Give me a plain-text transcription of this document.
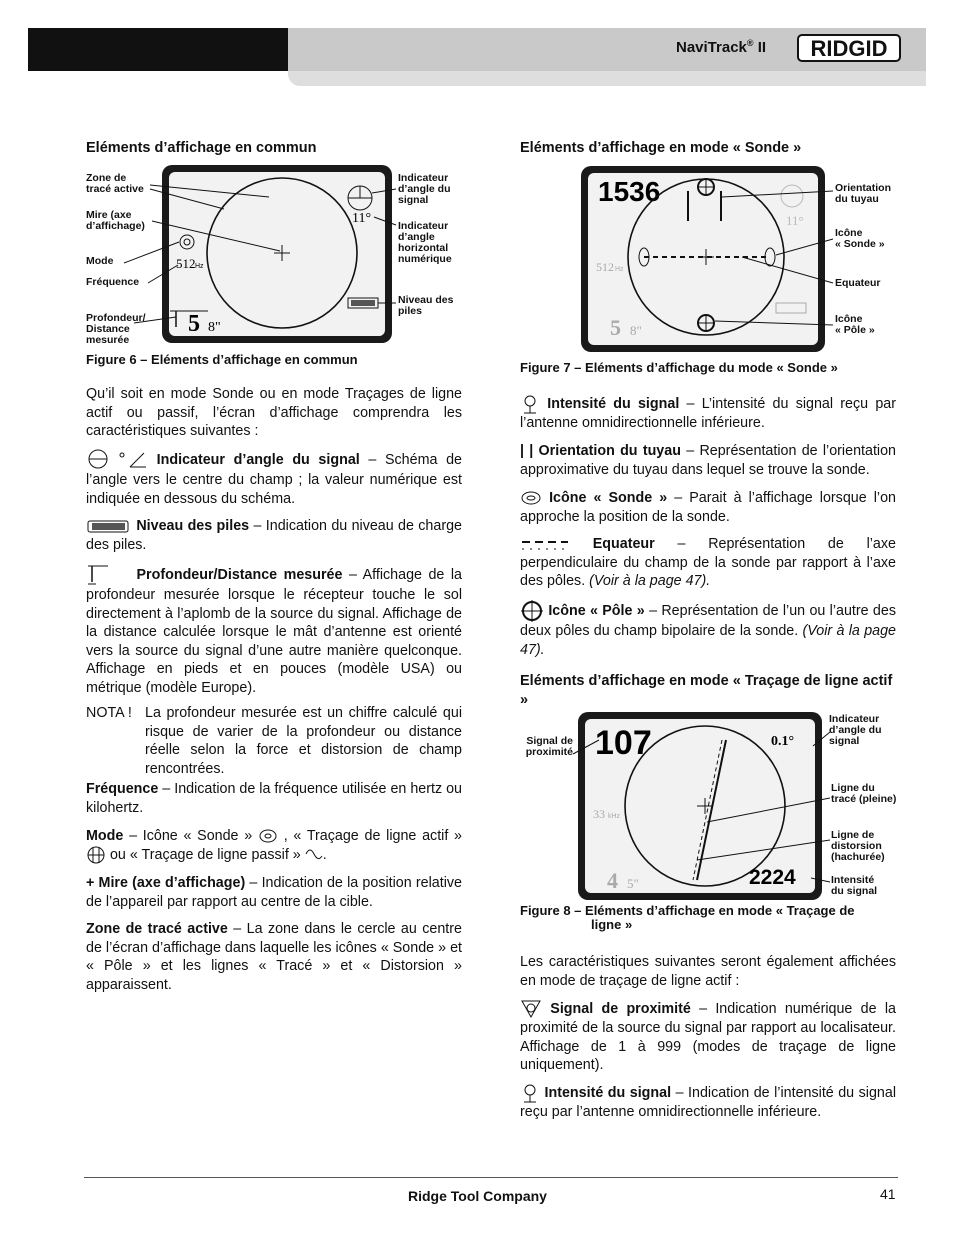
NaviTrack® II RIDGID
Eléments d’affichage en commun
11°
512 Hz
5 8"
Zone de
tracé active
Mire (axe
d’affichage)
Mode
Fréquence
Profondeur/
Distance
mesurée
Indicateur
d’angle du
signal
Indicateur
d’angle
horizontal
numérique
Niveau des
piles
Figure 6 – Eléments d’affichage en commun
Qu’il soit en mode Sonde ou en mode Traçages de ligne actif ou passif, l’écran d’affichage comprendra les caractéristiques suivantes :
Indicateur d’angle du signal – Schéma de l’angle vers le centre du champ ; la valeur numérique est indiquée en dessous du schéma.
Niveau des piles – Indication du niveau de charge des piles.
Profondeur/Distance mesurée – Affichage de la profondeur mesurée lorsque le récepteur touche le sol directement à l’aplomb de la source du signal. Affichage de la distance calculée lorsque le mât d’antenne est orienté vers la source du signal d’une autre manière quelconque. Affichage en pieds et en pouces (modèle USA) ou métrique (modèle Europe).
NOTA ! La profondeur mesurée est un chiffre calculé qui risque de varier de la profondeur ou distance réelle selon la force et distorsion de champ rencontrées.
Fréquence – Indication de la fréquence utilisée en hertz ou kilohertz.
Mode – Icône « Sonde » , « Traçage de ligne actif »  ou « Traçage de ligne passif » .
+ Mire (axe d’affichage) – Indication de la position relative de l’appareil par rapport au centre de la cible.
Zone de tracé active – La zone dans le cercle au centre de l’écran d’affichage dans laquelle les icônes « Sonde » et « Pôle » et les lignes « Tracé » et « Distorsion » apparaissent.
Eléments d’affichage en mode « Sonde »
1536
11°
512 Hz
5 8"
Orientation
du tuyau
Icône
« Sonde »
Equateur
Icône
« Pôle »
Figure 7 – Eléments d’affichage du mode « Sonde »
Intensité du signal – L’intensité du signal reçu par l’antenne omnidirectionnelle inférieure.
| | Orientation du tuyau – Représentation de l’orientation approximative du tuyau dans lequel se trouve la sonde.
Icône « Sonde » – Parait à l’affichage lorsque l’on approche la position de la sonde.
Equateur – Représentation de l’axe perpendiculaire du champ de la sonde par rapport à l’axe des pôles. (Voir à la page 47).
Icône « Pôle » – Représentation de l’un ou l’autre des deux pôles du champ bipolaire de la sonde. (Voir à la page 47).
Eléments d’affichage en mode « Traçage de ligne actif »
107	0.1°
33 kHz
4 5"	2224
Signal de
proximité
Indicateur
d’angle du
signal
Ligne du
tracé (pleine)
Ligne de
distorsion
(hachurée)
Intensité
du signal
Figure 8 – Eléments d’affichage en mode « Traçage de
ligne »
Les caractéristiques suivantes seront également affichées en mode de traçage de ligne actif :
Signal de proximité – Indication numérique de la proximité de la source du signal par rapport au localisateur. Affichage de 1 à 999 (modes de traçage de ligne uniquement).
Intensité du signal – Indication de l’intensité du signal reçu par l’antenne omnidirectionnelle inférieure.
Ridge Tool Company	41
